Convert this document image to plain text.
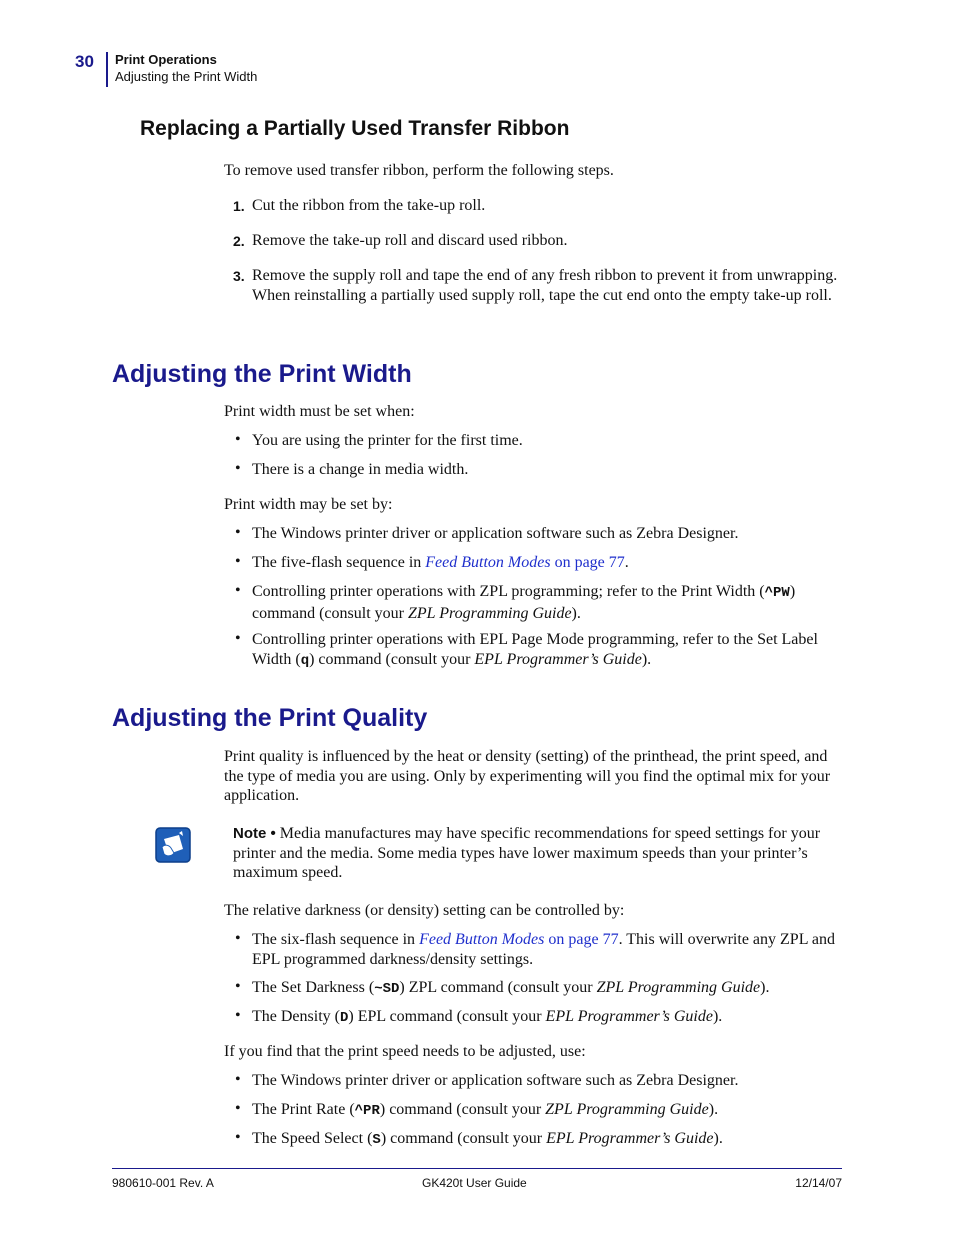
30 Print Operations
Adjusting the Print Width
Replacing a Partially Used Transfer Ribbon

To remove used transfer ribbon, perform the following steps.

1. Cut the ribbon from the take-up roll.
2. Remove the take-up roll and discard used ribbon.
3. Remove the supply roll and tape the end of any fresh ribbon to prevent it from unwrapping. When reinstalling a partially used supply roll, tape the cut end onto the empty take-up roll.
Adjusting the Print Width

Print width must be set when:

• You are using the printer for the first time.
• There is a change in media width.

Print width may be set by:

• The Windows printer driver or application software such as Zebra Designer.
• The five-flash sequence in Feed Button Modes on page 77.
• Controlling printer operations with ZPL programming; refer to the Print Width (^PW) command (consult your ZPL Programming Guide).
• Controlling printer operations with EPL Page Mode programming, refer to the Set Label Width (q) command (consult your EPL Programmer’s Guide).
Adjusting the Print Quality

Print quality is influenced by the heat or density (setting) of the printhead, the print speed, and the type of media you are using. Only by experimenting will you find the optimal mix for your application.

Note • Media manufactures may have specific recommendations for speed settings for your printer and the media. Some media types have lower maximum speeds than your printer’s maximum speed.

The relative darkness (or density) setting can be controlled by:

• The six-flash sequence in Feed Button Modes on page 77. This will overwrite any ZPL and EPL programmed darkness/density settings.
• The Set Darkness (~SD) ZPL command (consult your ZPL Programming Guide).
• The Density (D) EPL command (consult your EPL Programmer’s Guide).

If you find that the print speed needs to be adjusted, use:

• The Windows printer driver or application software such as Zebra Designer.
• The Print Rate (^PR) command (consult your ZPL Programming Guide).
• The Speed Select (S) command (consult your EPL Programmer’s Guide).
980610-001 Rev. A	GK420t User Guide	12/14/07
